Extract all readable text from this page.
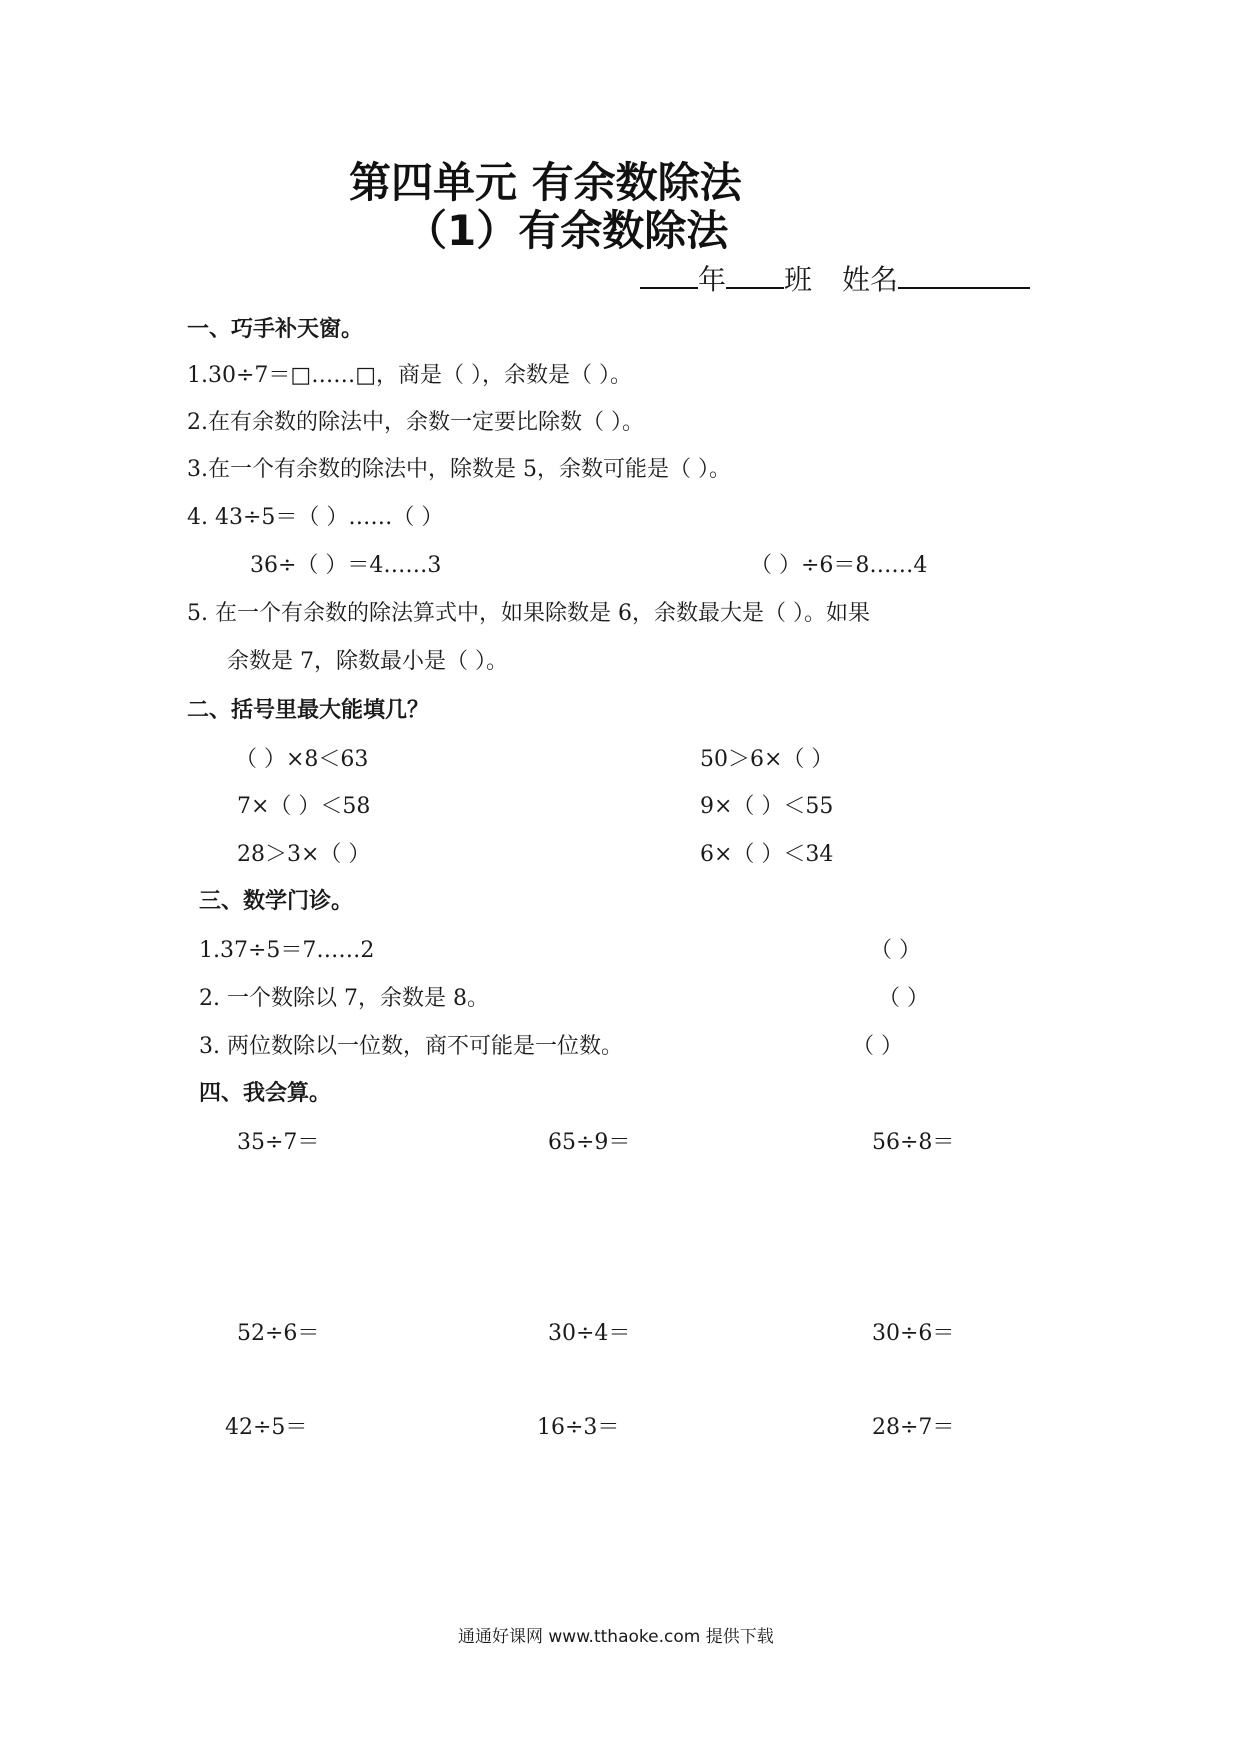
第四单元 有余数除法
（1）有余数除法
年 班 姓名
一、巧手补天窗。
1.30÷7＝□……□，商是（ ），余数是（ ）。
2.在有余数的除法中，余数一定要比除数（ ）。
3.在一个有余数的除法中，除数是 5，余数可能是（ ）。
4. 43÷5＝（ ）……（ ）
36÷（ ）＝4……3	（ ）÷6＝8……4
5. 在一个有余数的除法算式中，如果除数是 6，余数最大是（ ）。如果
余数是 7，除数最小是（ ）。
二、括号里最大能填几？
（ ）×8＜63	50＞6×（ ）
7×（ ）＜58	9×（ ）＜55
28＞3×（ ）	6×（ ）＜34
三、数学门诊。
1.37÷5＝7……2	（ ）
2. 一个数除以 7，余数是 8。	（ ）
3. 两位数除以一位数，商不可能是一位数。	（ ）
四、我会算。
35÷7＝	65÷9＝	56÷8＝
52÷6＝	30÷4＝	30÷6＝
42÷5＝	16÷3＝	28÷7＝
通通好课网 www.tthaoke.com 提供下载
